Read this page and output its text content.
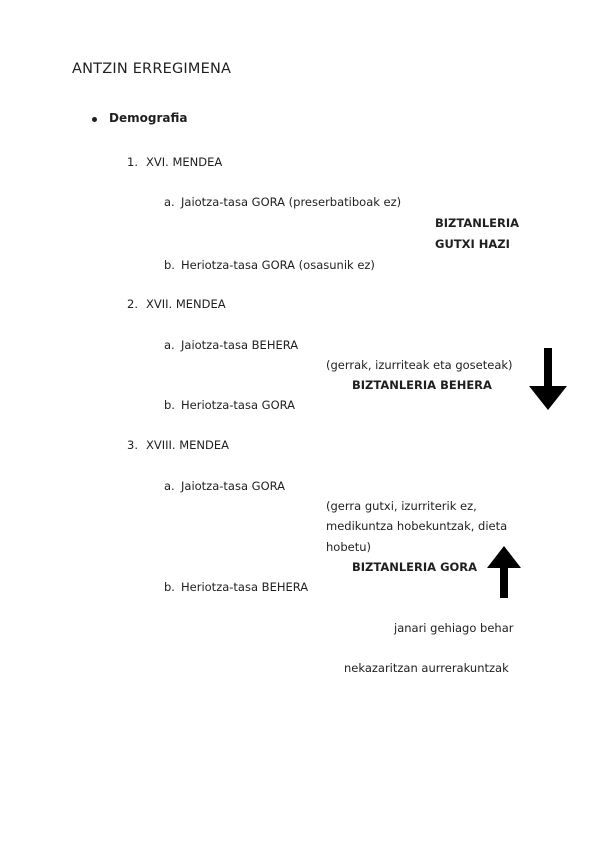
ANTZIN ERREGIMENA
Demografia
1. XVI. MENDEA
a. Jaiotza-tasa GORA (preserbatiboak ez)
BIZTANLERIA
GUTXI HAZI
b. Heriotza-tasa GORA (osasunik ez)
2. XVII. MENDEA
a. Jaiotza-tasa BEHERA
(gerrak, izurriteak eta goseteak)
BIZTANLERIA BEHERA
b. Heriotza-tasa GORA
3. XVIII. MENDEA
a. Jaiotza-tasa GORA
(gerra gutxi, izurriterik ez,
medikuntza hobekuntzak, dieta
hobetu)
BIZTANLERIA GORA
b. Heriotza-tasa BEHERA
janari gehiago behar
nekazaritzan aurrerakuntzak
